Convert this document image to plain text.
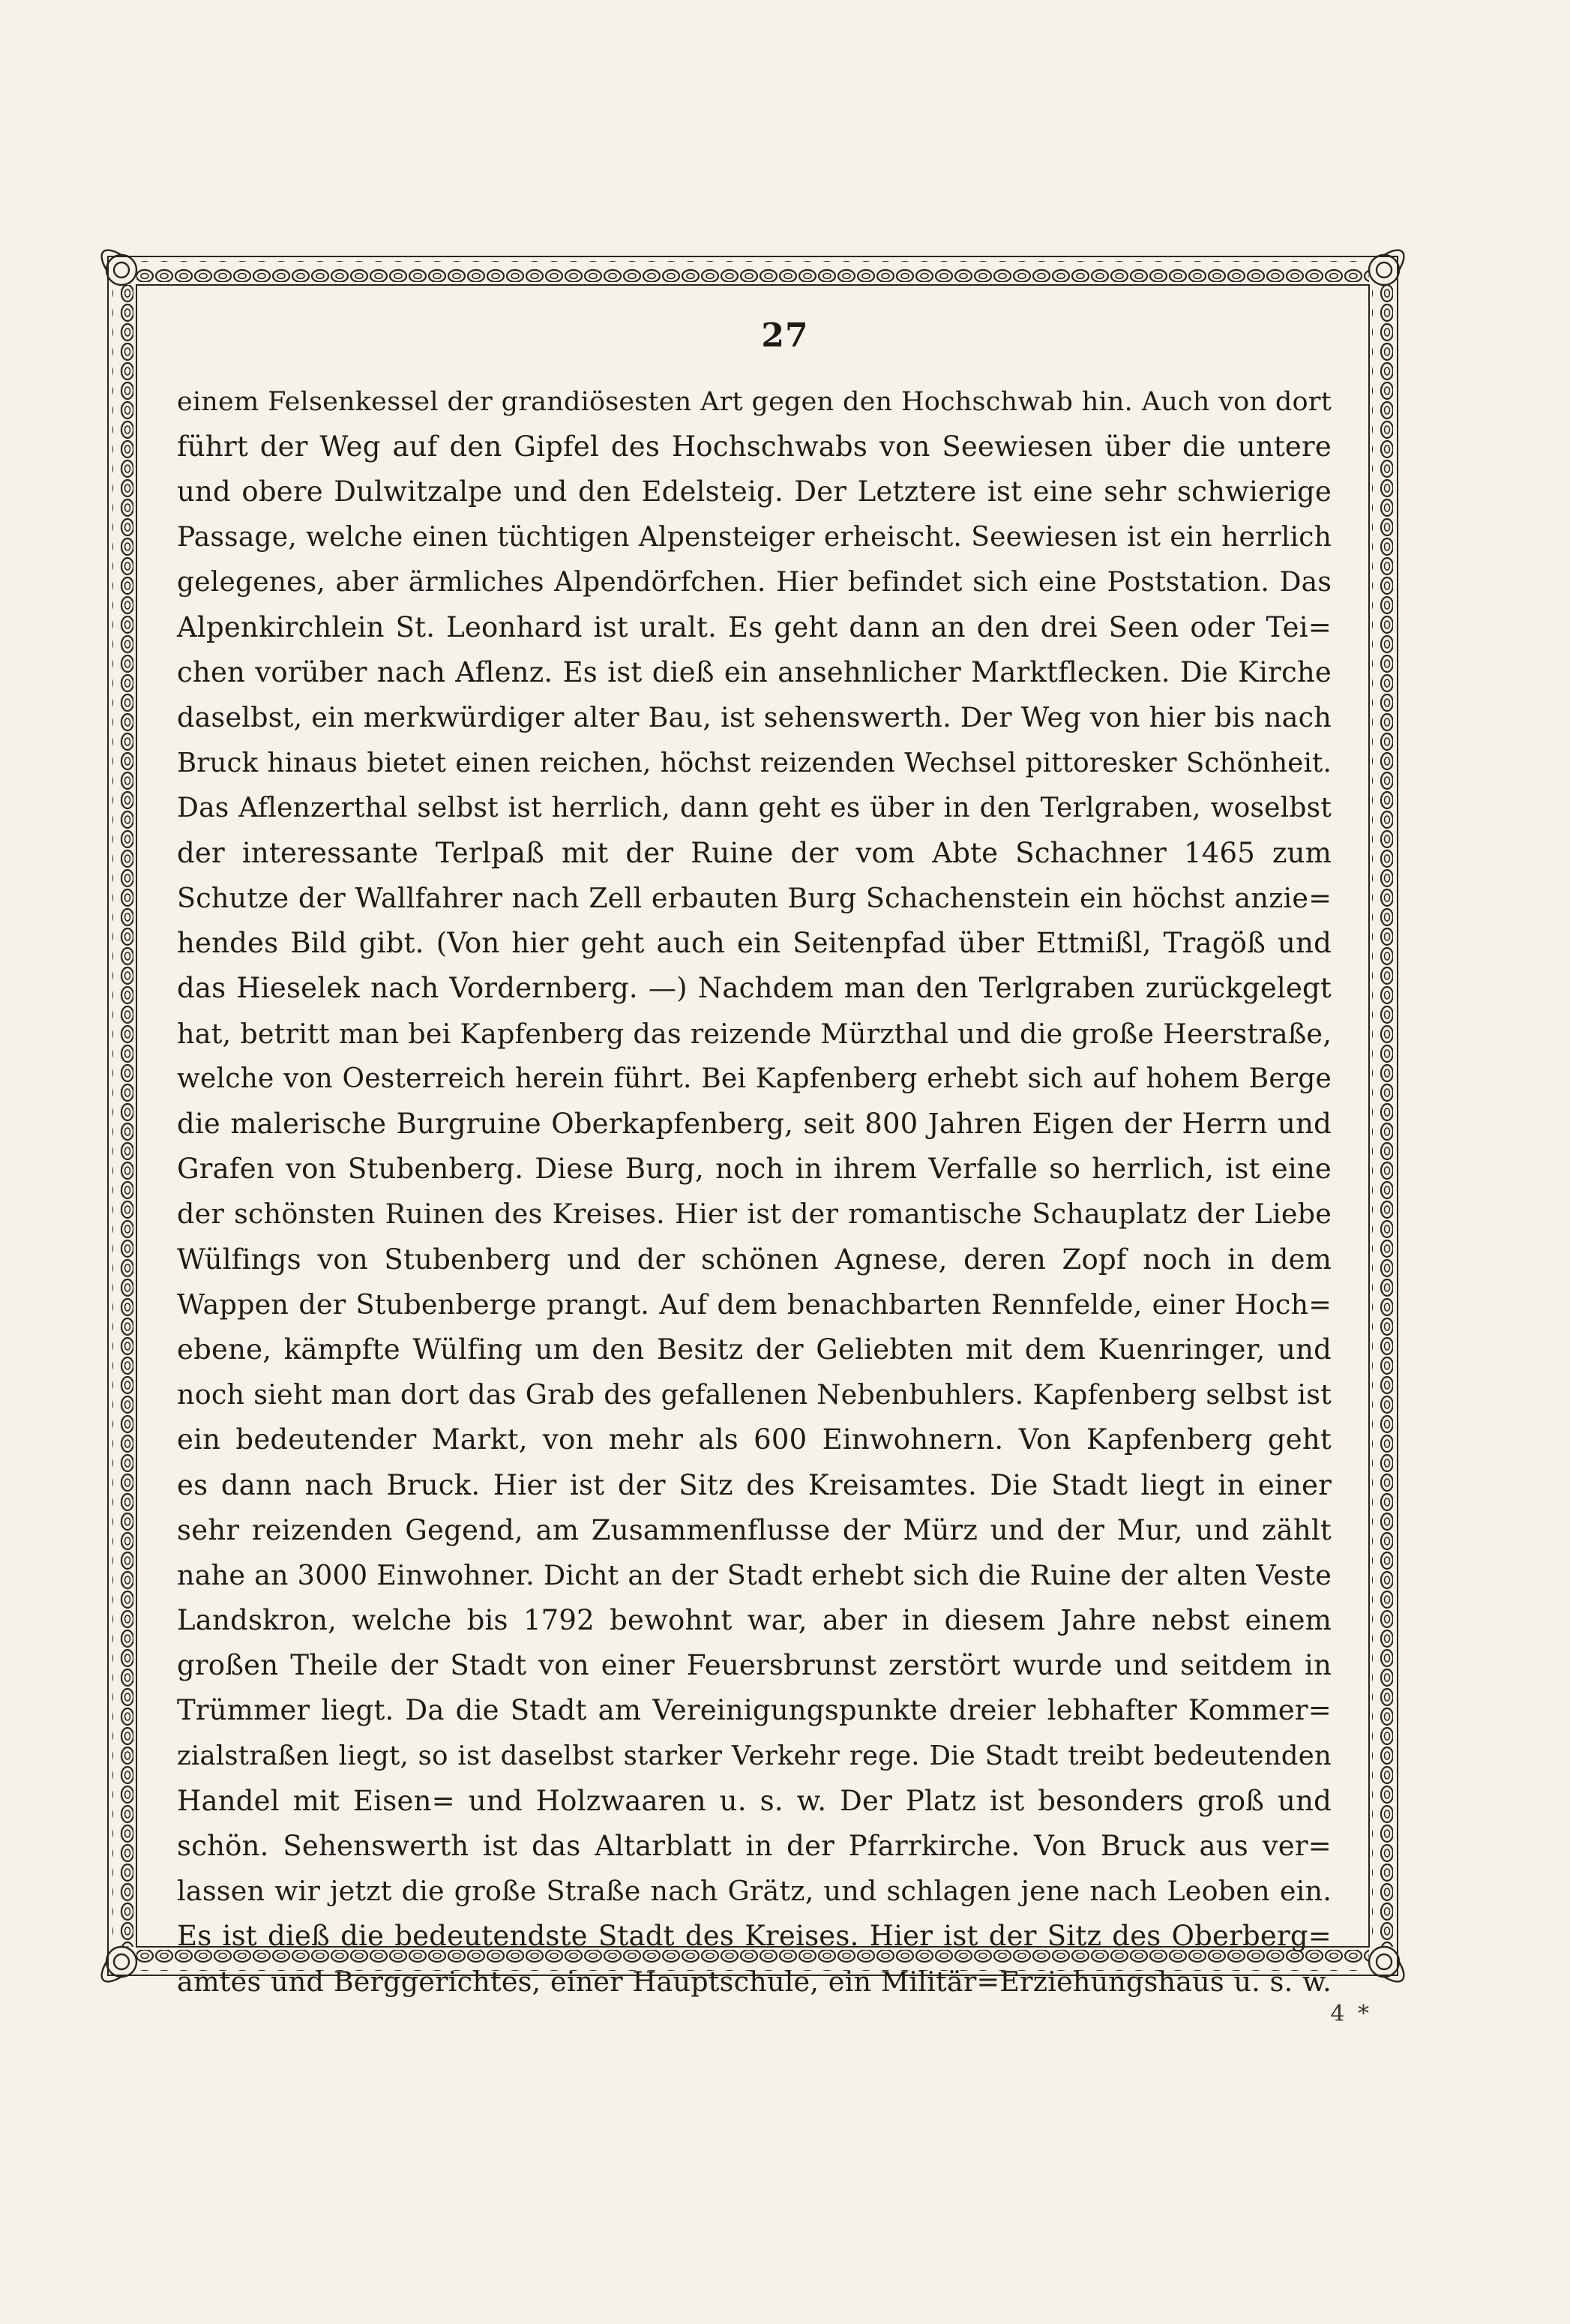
27
einem Felsenkessel der grandiösesten Art gegen den Hochschwab hin. Auch von dort
führt der Weg auf den Gipfel des Hochschwabs von Seewiesen über die untere
und obere Dulwitzalpe und den Edelsteig. Der Letztere ist eine sehr schwierige
Passage, welche einen tüchtigen Alpensteiger erheischt. Seewiesen ist ein herrlich
gelegenes, aber ärmliches Alpendörfchen. Hier befindet sich eine Poststation. Das
Alpenkirchlein St. Leonhard ist uralt. Es geht dann an den drei Seen oder Tei=
chen vorüber nach Aflenz. Es ist dieß ein ansehnlicher Marktflecken. Die Kirche
daselbst, ein merkwürdiger alter Bau, ist sehenswerth. Der Weg von hier bis nach
Bruck hinaus bietet einen reichen, höchst reizenden Wechsel pittoresker Schönheit.
Das Aflenzerthal selbst ist herrlich, dann geht es über in den Terlgraben, woselbst
der interessante Terlpaß mit der Ruine der vom Abte Schachner 1465 zum
Schutze der Wallfahrer nach Zell erbauten Burg Schachenstein ein höchst anzie=
hendes Bild gibt. (Von hier geht auch ein Seitenpfad über Ettmißl, Tragöß und
das Hieselek nach Vordernberg. —) Nachdem man den Terlgraben zurückgelegt
hat, betritt man bei Kapfenberg das reizende Mürzthal und die große Heerstraße,
welche von Oesterreich herein führt. Bei Kapfenberg erhebt sich auf hohem Berge
die malerische Burgruine Oberkapfenberg, seit 800 Jahren Eigen der Herrn und
Grafen von Stubenberg. Diese Burg, noch in ihrem Verfalle so herrlich, ist eine
der schönsten Ruinen des Kreises. Hier ist der romantische Schauplatz der Liebe
Wülfings von Stubenberg und der schönen Agnese, deren Zopf noch in dem
Wappen der Stubenberge prangt. Auf dem benachbarten Rennfelde, einer Hoch=
ebene, kämpfte Wülfing um den Besitz der Geliebten mit dem Kuenringer, und
noch sieht man dort das Grab des gefallenen Nebenbuhlers. Kapfenberg selbst ist
ein bedeutender Markt, von mehr als 600 Einwohnern. Von Kapfenberg geht
es dann nach Bruck. Hier ist der Sitz des Kreisamtes. Die Stadt liegt in einer
sehr reizenden Gegend, am Zusammenflusse der Mürz und der Mur, und zählt
nahe an 3000 Einwohner. Dicht an der Stadt erhebt sich die Ruine der alten Veste
Landskron, welche bis 1792 bewohnt war, aber in diesem Jahre nebst einem
großen Theile der Stadt von einer Feuersbrunst zerstört wurde und seitdem in
Trümmer liegt. Da die Stadt am Vereinigungspunkte dreier lebhafter Kommer=
zialstraßen liegt, so ist daselbst starker Verkehr rege. Die Stadt treibt bedeutenden
Handel mit Eisen= und Holzwaaren u. s. w. Der Platz ist besonders groß und
schön. Sehenswerth ist das Altarblatt in der Pfarrkirche. Von Bruck aus ver=
lassen wir jetzt die große Straße nach Grätz, und schlagen jene nach Leoben ein.
Es ist dieß die bedeutendste Stadt des Kreises. Hier ist der Sitz des Oberberg=
amtes und Berggerichtes, einer Hauptschule, ein Militär=Erziehungshaus u. s. w.
4 *
